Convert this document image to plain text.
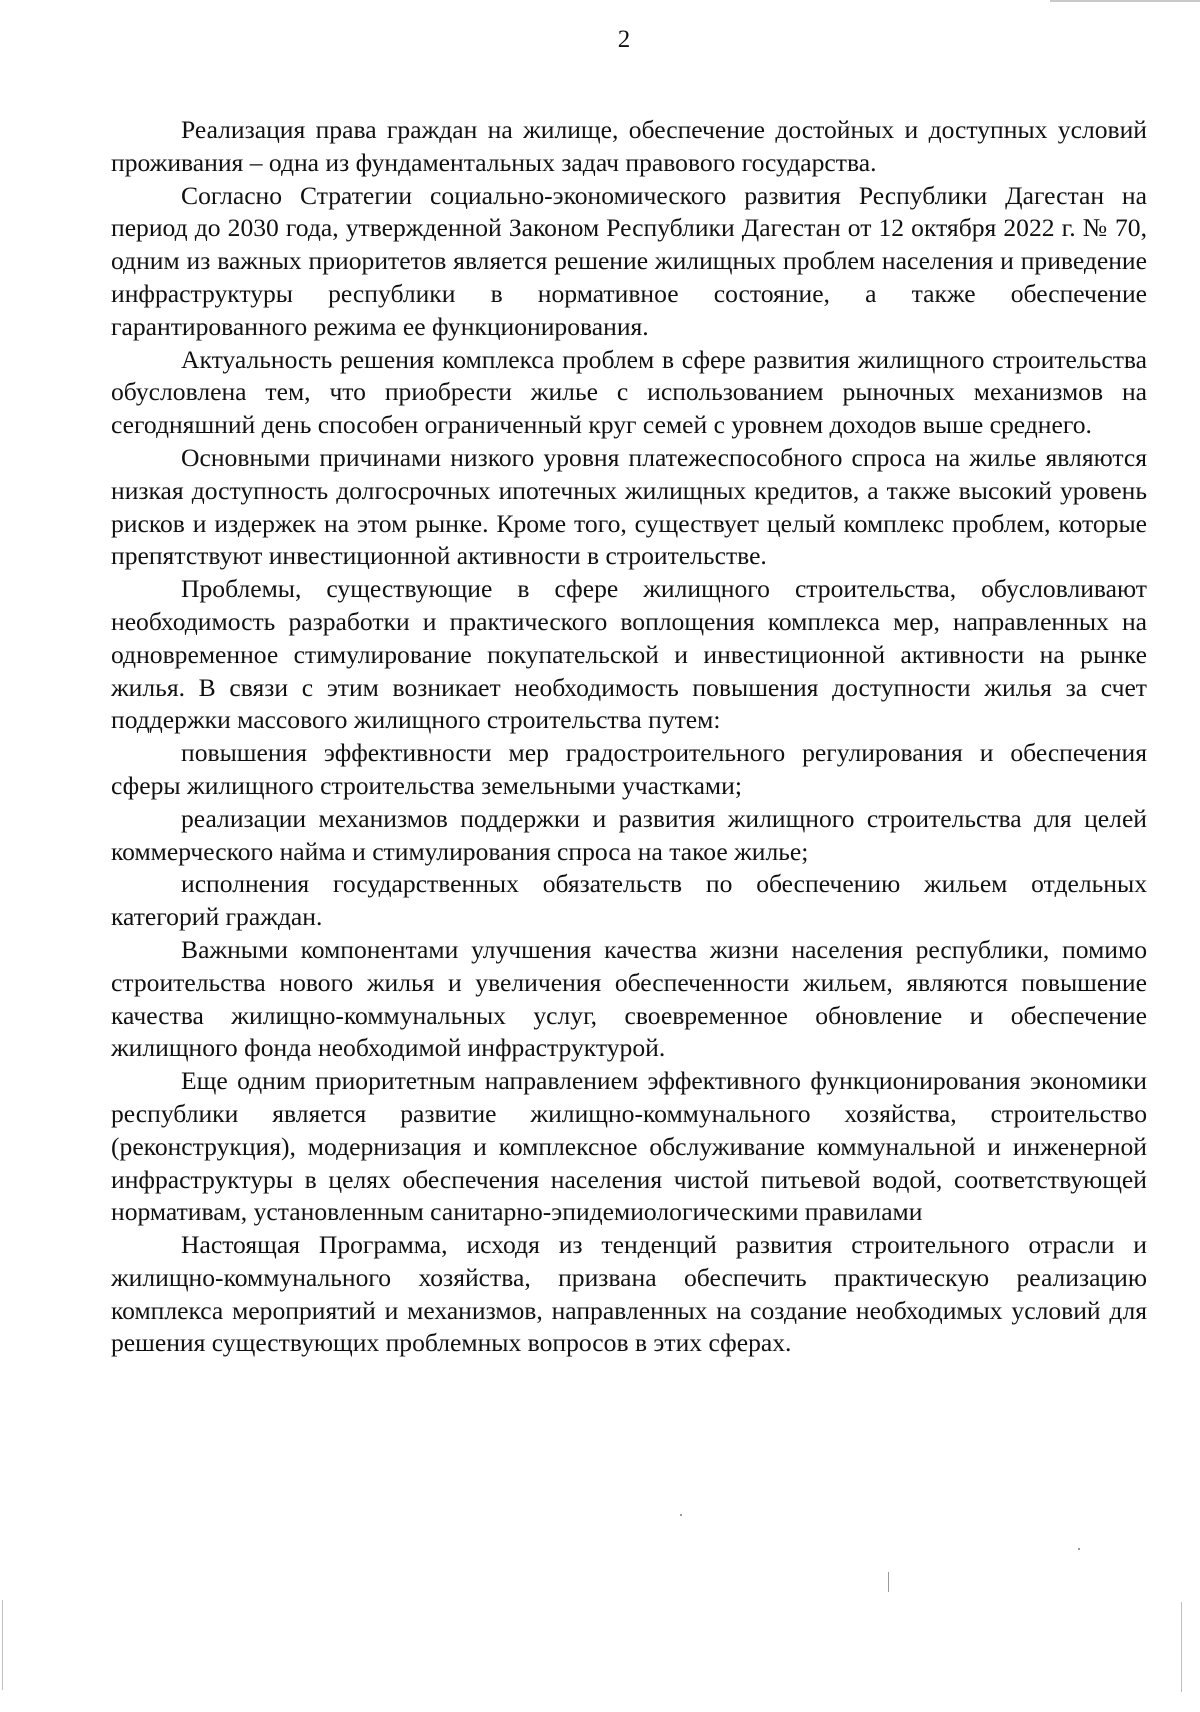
2

Реализация права граждан на жилище, обеспечение достойных и доступных условий проживания – одна из фундаментальных задач правового государства.

Согласно Стратегии социально-экономического развития Республики Дагестан на период до 2030 года, утвержденной Законом Республики Дагестан от 12 октября 2022 г. № 70, одним из важных приоритетов является решение жилищных проблем населения и приведение инфраструктуры республики в нормативное состояние, а также обеспечение гарантированного режима ее функционирования.

Актуальность решения комплекса проблем в сфере развития жилищного строительства обусловлена тем, что приобрести жилье с использованием рыночных механизмов на сегодняшний день способен ограниченный круг семей с уровнем доходов выше среднего.

Основными причинами низкого уровня платежеспособного спроса на жилье являются низкая доступность долгосрочных ипотечных жилищных кредитов, а также высокий уровень рисков и издержек на этом рынке. Кроме того, существует целый комплекс проблем, которые препятствуют инвестиционной активности в строительстве.

Проблемы, существующие в сфере жилищного строительства, обусловливают необходимость разработки и практического воплощения комплекса мер, направленных на одновременное стимулирование покупательской и инвестиционной активности на рынке жилья. В связи с этим возникает необходимость повышения доступности жилья за счет поддержки массового жилищного строительства путем:

повышения эффективности мер градостроительного регулирования и обеспечения сферы жилищного строительства земельными участками;

реализации механизмов поддержки и развития жилищного строительства для целей коммерческого найма и стимулирования спроса на такое жилье;

исполнения государственных обязательств по обеспечению жильем отдельных категорий граждан.

Важными компонентами улучшения качества жизни населения республики, помимо строительства нового жилья и увеличения обеспеченности жильем, являются повышение качества жилищно-коммунальных услуг, своевременное обновление и обеспечение жилищного фонда необходимой инфраструктурой.

Еще одним приоритетным направлением эффективного функционирования экономики республики является развитие жилищно-коммунального хозяйства, строительство (реконструкция), модернизация и комплексное обслуживание коммунальной и инженерной инфраструктуры в целях обеспечения населения чистой питьевой водой, соответствующей нормативам, установленным санитарно-эпидемиологическими правилами

Настоящая Программа, исходя из тенденций развития строительного отрасли и жилищно-коммунального хозяйства, призвана обеспечить практическую реализацию комплекса мероприятий и механизмов, направленных на создание необходимых условий для решения существующих проблемных вопросов в этих сферах.
